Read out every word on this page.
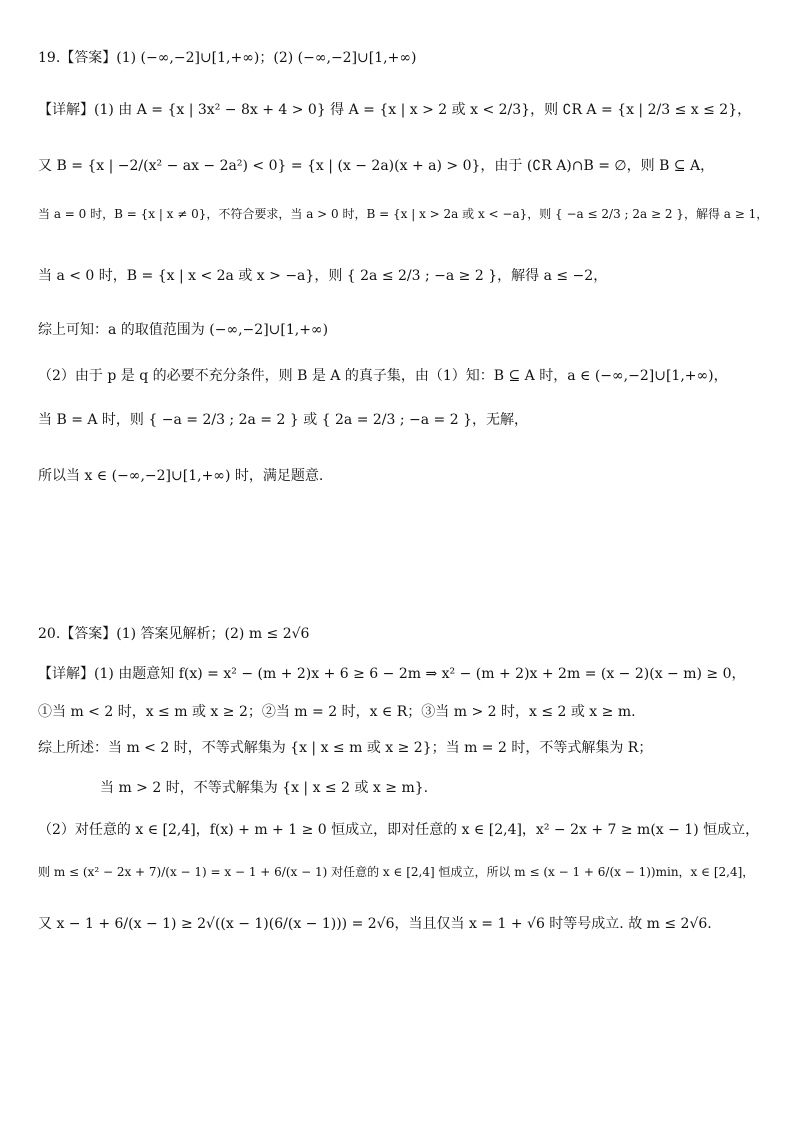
19.【答案】(1) (−∞,−2]∪[1,+∞)；(2) (−∞,−2]∪[1,+∞)
【详解】(1) 由 A = {x | 3x² − 8x + 4 > 0} 得 A = {x | x > 2 或 x < 2/3}，则 ∁R A = {x | 2/3 ≤ x ≤ 2}，
又 B = {x | −2/(x² − ax − 2a²) < 0} = {x | (x − 2a)(x + a) > 0}，由于 (∁R A)∩B = ∅，则 B ⊆ A，
当 a = 0 时，B = {x | x ≠ 0}，不符合要求，当 a > 0 时，B = {x | x > 2a 或 x < −a}，则 { −a ≤ 2/3 ; 2a ≥ 2 }，解得 a ≥ 1，
当 a < 0 时，B = {x | x < 2a 或 x > −a}，则 { 2a ≤ 2/3 ; −a ≥ 2 }，解得 a ≤ −2，
综上可知：a 的取值范围为 (−∞,−2]∪[1,+∞)
（2）由于 p 是 q 的必要不充分条件，则 B 是 A 的真子集，由（1）知：B ⊆ A 时，a ∈ (−∞,−2]∪[1,+∞)，
当 B = A 时，则 { −a = 2/3 ; 2a = 2 } 或 { 2a = 2/3 ; −a = 2 }，无解，
所以当 x ∈ (−∞,−2]∪[1,+∞) 时，满足题意.
20.【答案】(1) 答案见解析；(2) m ≤ 2√6
【详解】(1) 由题意知 f(x) = x² − (m + 2)x + 6 ≥ 6 − 2m ⇒ x² − (m + 2)x + 2m = (x − 2)(x − m) ≥ 0，
①当 m < 2 时，x ≤ m 或 x ≥ 2；②当 m = 2 时，x ∈ R；③当 m > 2 时，x ≤ 2 或 x ≥ m.
综上所述：当 m < 2 时，不等式解集为 {x | x ≤ m 或 x ≥ 2}；当 m = 2 时，不等式解集为 R；
当 m > 2 时，不等式解集为 {x | x ≤ 2 或 x ≥ m}.
（2）对任意的 x ∈ [2,4]，f(x) + m + 1 ≥ 0 恒成立，即对任意的 x ∈ [2,4]，x² − 2x + 7 ≥ m(x − 1) 恒成立，
则 m ≤ (x² − 2x + 7)/(x − 1) = x − 1 + 6/(x − 1) 对任意的 x ∈ [2,4] 恒成立，所以 m ≤ (x − 1 + 6/(x − 1))min，x ∈ [2,4]，
又 x − 1 + 6/(x − 1) ≥ 2√((x − 1)(6/(x − 1))) = 2√6，当且仅当 x = 1 + √6 时等号成立. 故 m ≤ 2√6.
